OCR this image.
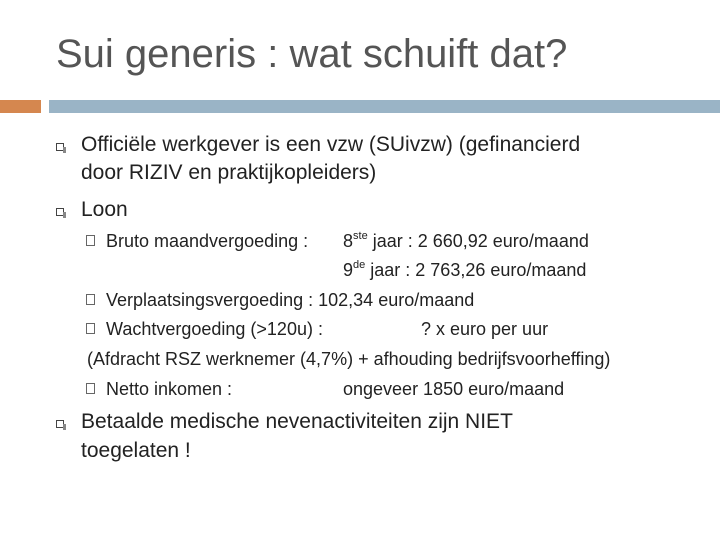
Sui generis : wat schuift dat?
Officiële werkgever is een vzw (SUivzw) (gefinancierd
door RIZIV en praktijkopleiders)
Loon
Bruto maandvergoeding : 8ste jaar : 2 660,92 euro/maand
9de jaar : 2 763,26 euro/maand
Verplaatsingsvergoeding : 102,34 euro/maand
Wachtvergoeding (>120u) :	? x euro per uur
(Afdracht RSZ werknemer (4,7%) + afhouding bedrijfsvoorheffing)
Netto inkomen :	ongeveer 1850 euro/maand
Betaalde medische nevenactiviteiten zijn NIET
toegelaten !
